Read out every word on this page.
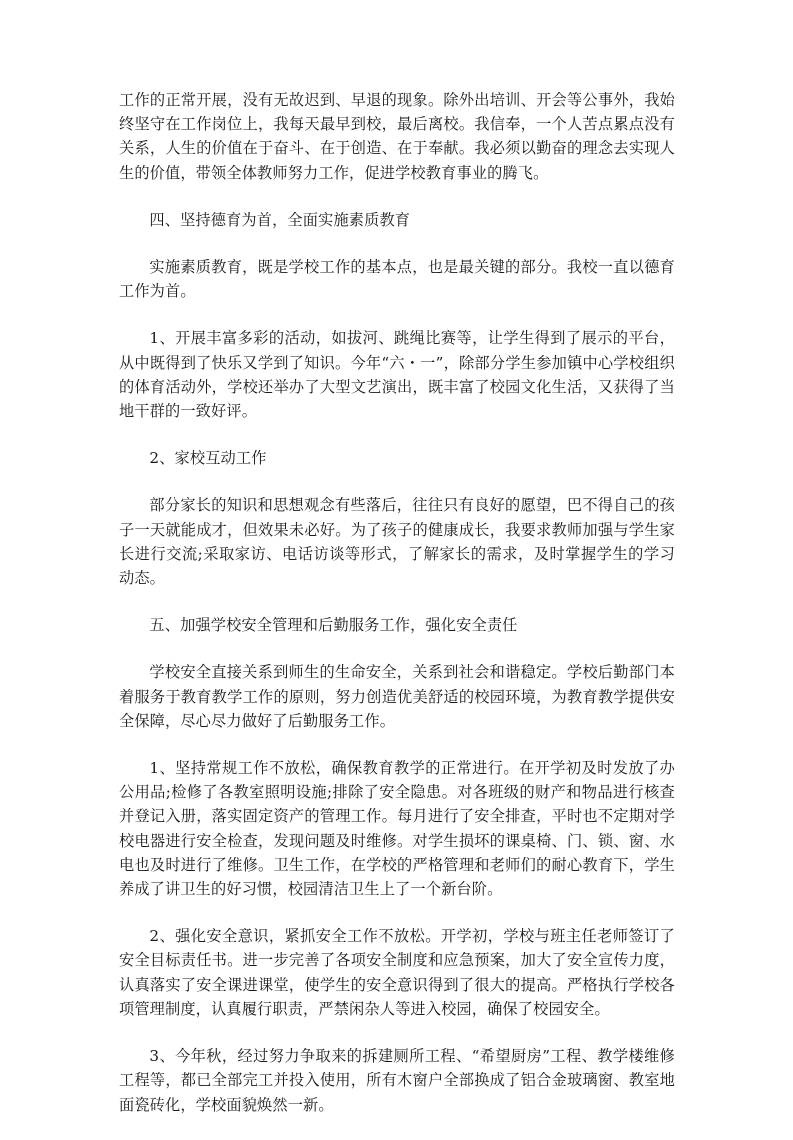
工作的正常开展，没有无故迟到、早退的现象。除外出培训、开会等公事外，我始终坚守在工作岗位上，我每天最早到校，最后离校。我信奉，一个人苦点累点没有关系，人生的价值在于奋斗、在于创造、在于奉献。我必须以勤奋的理念去实现人生的价值，带领全体教师努力工作，促进学校教育事业的腾飞。

四、坚持德育为首，全面实施素质教育

实施素质教育，既是学校工作的基本点，也是最关键的部分。我校一直以德育工作为首。

1、开展丰富多彩的活动，如拔河、跳绳比赛等，让学生得到了展示的平台，从中既得到了快乐又学到了知识。今年“六・一”，除部分学生参加镇中心学校组织的体育活动外，学校还举办了大型文艺演出，既丰富了校园文化生活，又获得了当地干群的一致好评。

2、家校互动工作

部分家长的知识和思想观念有些落后，往往只有良好的愿望，巴不得自己的孩子一天就能成才，但效果未必好。为了孩子的健康成长，我要求教师加强与学生家长进行交流;采取家访、电话访谈等形式，了解家长的需求，及时掌握学生的学习动态。

五、加强学校安全管理和后勤服务工作，强化安全责任

学校安全直接关系到师生的生命安全，关系到社会和谐稳定。学校后勤部门本着服务于教育教学工作的原则，努力创造优美舒适的校园环境，为教育教学提供安全保障，尽心尽力做好了后勤服务工作。

1、坚持常规工作不放松，确保教育教学的正常进行。在开学初及时发放了办公用品;检修了各教室照明设施;排除了安全隐患。对各班级的财产和物品进行核查并登记入册，落实固定资产的管理工作。每月进行了安全排查，平时也不定期对学校电器进行安全检查，发现问题及时维修。对学生损坏的课桌椅、门、锁、窗、水电也及时进行了维修。卫生工作，在学校的严格管理和老师们的耐心教育下，学生养成了讲卫生的好习惯，校园清洁卫生上了一个新台阶。

2、强化安全意识，紧抓安全工作不放松。开学初，学校与班主任老师签订了安全目标责任书。进一步完善了各项安全制度和应急预案，加大了安全宣传力度，认真落实了安全课进课堂，使学生的安全意识得到了很大的提高。严格执行学校各项管理制度，认真履行职责，严禁闲杂人等进入校园，确保了校园安全。

3、今年秋，经过努力争取来的拆建厕所工程、“希望厨房”工程、教学楼维修工程等，都已全部完工并投入使用，所有木窗户全部换成了铝合金玻璃窗、教室地面瓷砖化，学校面貌焕然一新。
